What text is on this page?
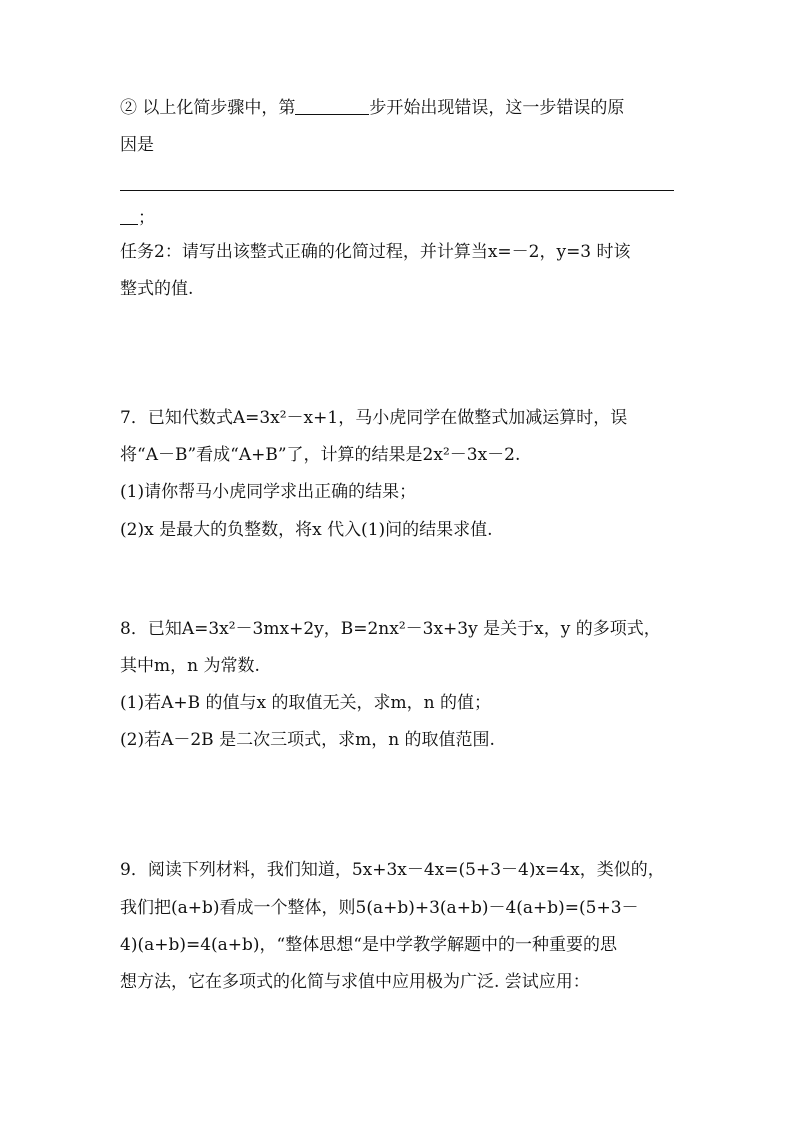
② 以上化简步骤中，第	步开始出现错误，这一步错误的原
因是
；
任务2：请写出该整式正确的化简过程，并计算当x=－2，y=3 时该
整式的值.
7．已知代数式A=3x²－x+1，马小虎同学在做整式加减运算时，误
将“A－B”看成“A+B”了，计算的结果是2x²－3x－2.
(1)请你帮马小虎同学求出正确的结果；
(2)x 是最大的负整数，将x 代入(1)问的结果求值.
8．已知A=3x²－3mx+2y，B=2nx²－3x+3y 是关于x，y 的多项式，
其中m，n 为常数.
(1)若A+B 的值与x 的取值无关，求m，n 的值；
(2)若A－2B 是二次三项式，求m，n 的取值范围.
9．阅读下列材料，我们知道，5x+3x－4x=(5+3－4)x=4x，类似的，
我们把(a+b)看成一个整体，则5(a+b)+3(a+b)－4(a+b)=(5+3－
4)(a+b)=4(a+b)，“整体思想“是中学教学解题中的一种重要的思
想方法，它在多项式的化简与求值中应用极为广泛. 尝试应用：
